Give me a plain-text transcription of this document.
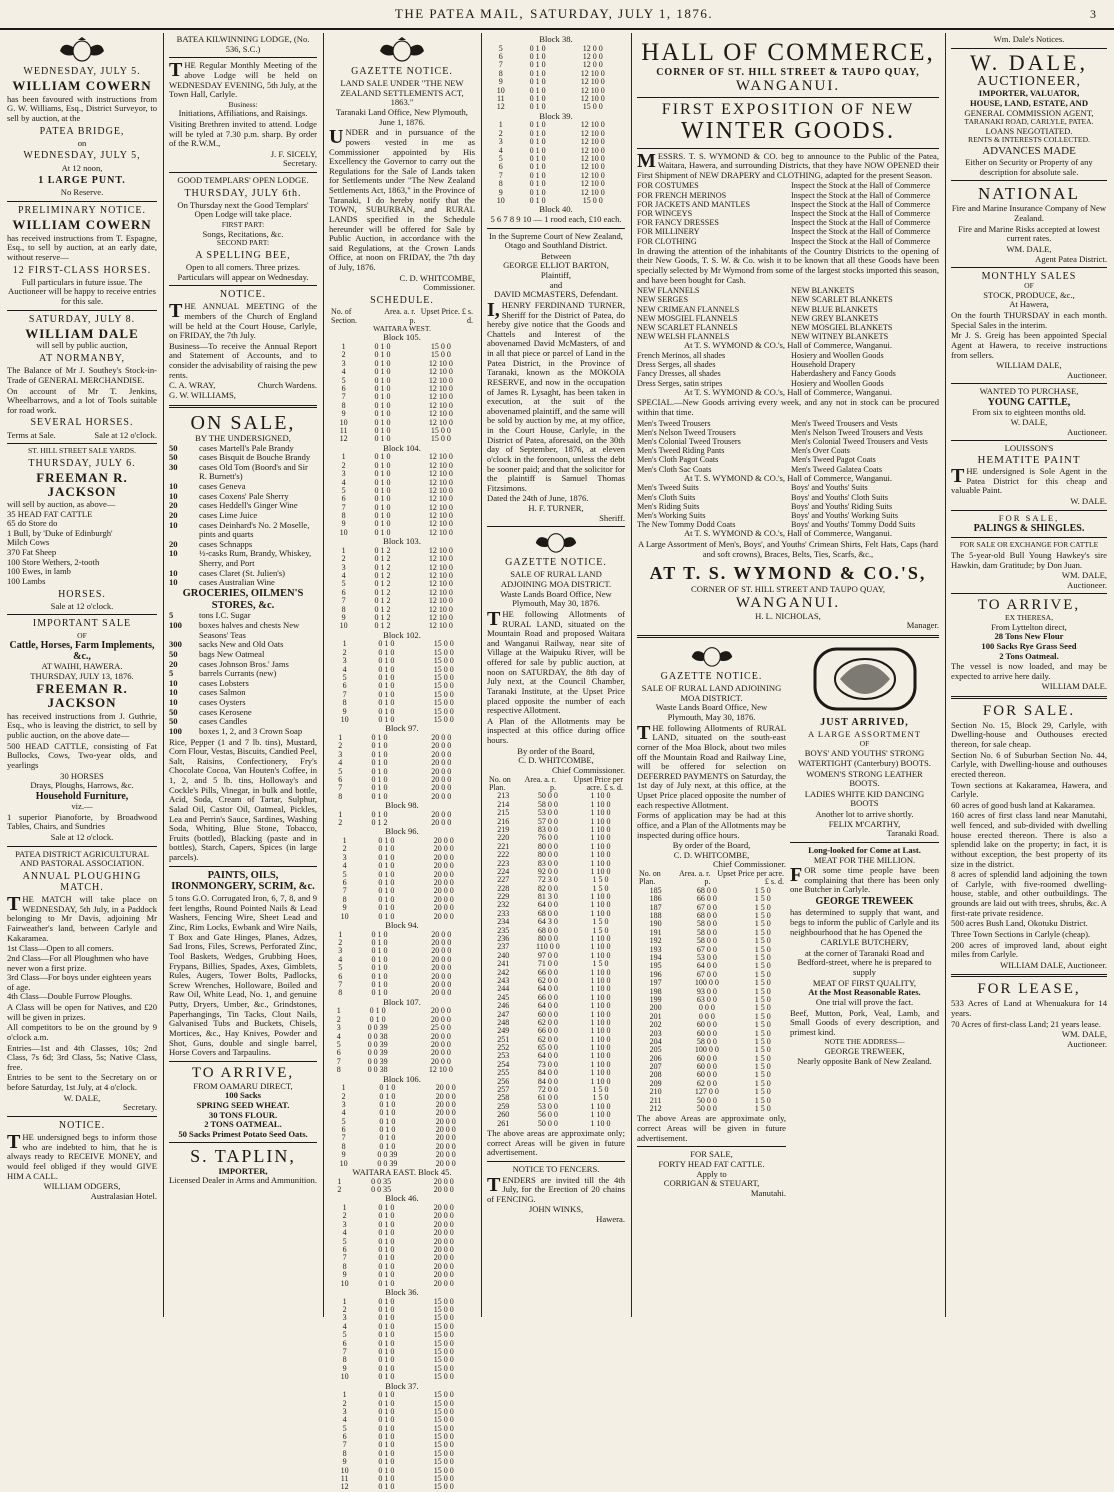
THE PATEA MAIL, SATURDAY, JULY 1, 1876.	3
WEDNESDAY, JULY 5.
WILLIAM COWERN

has been favoured with instructions from G. W. Williams, Esq., District Surveyor, to sell by auction, at the

PATEA BRIDGE,
on
WEDNESDAY, JULY 5,
At 12 noon,
1 LARGE PUNT.
No Reserve.
PRELIMINARY NOTICE.
WILLIAM COWERN

has received instructions from T. Espagne, Esq., to sell by auction, at an early date, without reserve—

12 FIRST-CLASS HORSES.

Full particulars in future issue. The Auctioneer will be happy to receive entries for this sale.

SATURDAY, JULY 8.
WILLIAM DALE
will sell by public auction,
AT NORMANBY,

The Balance of Mr J. Southey's Stock-in-Trade of GENERAL MERCHANDISE.

On account of Mr T. Jenkins, Wheelbarrows, and a lot of Tools suitable for road work.

SEVERAL HORSES.
Terms at Sale.	Sale at 12 o'clock.
ST. HILL STREET SALE YARDS.
THURSDAY, JULY 6.
FREEMAN R. JACKSON
will sell by auction, as above—
35 HEAD FAT CATTLE
65 do Store do
1 Bull, by 'Duke of Edinburgh'
Milch Cows
370 Fat Sheep
100 Store Wethers, 2-tooth
100 Ewes, in lamb
100 Lambs
HORSES.
Sale at 12 o'clock.
IMPORTANT SALE
OF
Cattle, Horses, Farm Implements, &c.,
AT WAIHI, HAWERA.
THURSDAY, JULY 13, 1876.
FREEMAN R. JACKSON

has received instructions from J. Guthrie, Esq., who is leaving the district, to sell by public auction, on the above date—

500 HEAD CATTLE, consisting of Fat Bullocks, Cows, Two-year olds, and yearlings

30 HORSES
Drays, Ploughs, Harrows, &c.
Household Furniture,
viz.—

1 superior Pianoforte, by Broadwood Tables, Chairs, and Sundries

Sale at 12 o'clock.
PATEA DISTRICT AGRICULTURAL AND PASTORAL ASSOCIATION.
ANNUAL PLOUGHING MATCH.

THE MATCH will take place on WEDNESDAY, 5th July, in a Paddock belonging to Mr Davis, adjoining Mr Fairweather's land, between Carlyle and Kakaramea.

1st Class—Open to all comers.
2nd Class—For all Ploughmen who have never won a first prize.
3rd Class—For boys under eighteen years of age.
4th Class—Double Furrow Ploughs.

A Class will be open for Natives, and £20 will be given in prizes.

All competitors to be on the ground by 9 o'clock a.m.

Entries—1st and 4th Classes, 10s; 2nd Class, 7s 6d; 3rd Class, 5s; Native Class, free.

Entries to be sent to the Secretary on or before Saturday, 1st July, at 4 o'clock.

W. DALE,
Secretary.
NOTICE.

THE undersigned begs to inform those who are indebted to him, that he is always ready to RECEIVE MONEY, and would feel obliged if they would GIVE HIM A CALL.

WILLIAM ODGERS,
Australasian Hotel.
BATEA KILWINNING LODGE, (No. 536, S.C.)

THE Regular Monthly Meeting of the above Lodge will be held on WEDNESDAY EVENING, 5th July, at the Town Hall, Carlyle.

Business:
Initiations, Affiliations, and Raisings.

Visiting Brethren invited to attend. Lodge will be tyled at 7.30 p.m. sharp. By order of the R.W.M.,

J. F. SICELY,
Secretary.
GOOD TEMPLARS' OPEN LODGE.
THURSDAY, JULY 6th.

On Thursday next the Good Templars' Open Lodge will take place.

FIRST PART:
Songs, Recitations, &c.
SECOND PART:
A SPELLING BEE,
Open to all comers. Three prizes.
Particulars will appear on Wednesday.
NOTICE.

THE ANNUAL MEETING of the members of the Church of England will be held at the Court House, Carlyle, on FRIDAY, the 7th July.

Business—To receive the Annual Report and Statement of Accounts, and to consider the advisability of raising the pew rents.

C. A. WRAY,	Church Wardens.
G. W. WILLIAMS,
ON SALE,
BY THE UNDERSIGNED,
50	cases Martell's Pale Brandy
50	cases Bisquit de Bouche Brandy
30	cases Old Tom (Boord's and Sir R. Burnett's)
10	cases Geneva
10	cases Coxens' Pale Sherry
20	cases Heddell's Ginger Wine
20	cases Lime Juice
10	cases Deinhard's No. 2 Moselle, pints and quarts
20	cases Schnapps
10	½-casks Rum, Brandy, Whiskey, Sherry, and Port
10	cases Claret (St. Julien's)
10	cases Australian Wine
GROCERIES, OILMEN'S STORES, &c.
5	tons I.C. Sugar
100	boxes halves and chests New Seasons' Teas
300	sacks New and Old Oats
50	bags New Oatmeal
20	cases Johnson Bros.' Jams
5	barrels Currants (new)
10	cases Lobsters
10	cases Salmon
10	cases Oysters
50	cases Kerosene
50	cases Candles
100	boxes 1, 2, and 3 Crown Soap

Rice, Pepper (1 and 7 lb. tins), Mustard, Corn Flour, Vestas, Biscuits, Candied Peel, Salt, Raisins, Confectionery, Fry's Chocolate Cocoa, Van Houten's Coffee, in 1, 2, and 5 lb. tins, Holloway's and Cockle's Pills, Vinegar, in bulk and bottle, Acid, Soda, Cream of Tartar, Sulphur, Salad Oil, Castor Oil, Oatmeal, Pickles, Lea and Perrin's Sauce, Sardines, Washing Soda, Whiting, Blue Stone, Tobacco, Fruits (bottled), Blacking (paste and in bottles), Starch, Capers, Spices (in large parcels).

PAINTS, OILS, IRONMONGERY, SCRIM, &c.

5 tons G.O. Corrugated Iron, 6, 7, 8, and 9 feet lengths, Round Pointed Nails & Lead Washers, Fencing Wire, Sheet Lead and Zinc, Rim Locks, Ewbank and Wire Nails, T Box and Gate Hinges, Planes, Adzes, Sad Irons, Files, Screws, Perforated Zinc, Tool Baskets, Wedges, Grubbing Hoes, Frypans, Billies, Spades, Axes, Gimblets, Rules, Augers, Tower Bolts, Padlocks, Screw Wrenches, Holloware, Boiled and Raw Oil, White Lead, No. 1, and genuine Putty, Dryers, Umber, &c., Grindstones, Paperhangings, Tin Tacks, Clout Nails, Galvanised Tubs and Buckets, Chisels, Mortices, &c., Hay Knives, Powder and Shot, Guns, double and single barrel, Horse Covers and Tarpaulins.

TO ARRIVE,
FROM OAMARU DIRECT,
100 Sacks
SPRING SEED WHEAT.
30 TONS FLOUR.
2 TONS OATMEAL.
50 Sacks Primest Potato Seed Oats.
S. TAPLIN,
IMPORTER,
Licensed Dealer in Arms and Ammunition.
GAZETTE NOTICE.
LAND SALE UNDER "THE NEW ZEALAND SETTLEMENTS ACT, 1863."
Taranaki Land Office, New Plymouth, June 1, 1876.

UNDER and in pursuance of the powers vested in me as Commissioner appointed by His Excellency the Governor to carry out the Regulations for the Sale of Lands taken for Settlements under "The New Zealand Settlements Act, 1863," in the Province of Taranaki, I do hereby notify that the TOWN, SUBURBAN, and RURAL LANDS specified in the Schedule hereunder will be offered for Sale by Public Auction, in accordance with the said Regulations, at the Crown Lands Office, at noon on FRIDAY, the 7th day of July, 1876.

C. D. WHITCOMBE,
Commissioner.
SCHEDULE.
No. of Section.	Area. a. r. p.	Upset Price. £ s. d.
WAITARA WEST.
Block 105.
1	0 1 0	15 0 0
2	0 1 0	15 0 0
3	0 1 0	12 10 0
4	0 1 0	12 10 0
5	0 1 0	12 10 0
6	0 1 0	12 10 0
7	0 1 0	12 10 0
8	0 1 0	12 10 0
9	0 1 0	12 10 0
10	0 1 0	12 10 0
11	0 1 0	15 0 0
12	0 1 0	15 0 0
Block 104.
1	0 1 0	12 10 0
2	0 1 0	12 10 0
3	0 1 0	12 10 0
4	0 1 0	12 10 0
5	0 1 0	12 10 0
6	0 1 0	12 10 0
7	0 1 0	12 10 0
8	0 1 0	12 10 0
9	0 1 0	12 10 0
10	0 1 0	12 10 0
Block 103.
1	0 1 2	12 10 0
2	0 1 2	12 10 0
3	0 1 2	12 10 0
4	0 1 2	12 10 0
5	0 1 2	12 10 0
6	0 1 2	12 10 0
7	0 1 2	12 10 0
8	0 1 2	12 10 0
9	0 1 2	12 10 0
10	0 1 2	12 10 0
Block 102.
1	0 1 0	15 0 0
2	0 1 0	15 0 0
3	0 1 0	15 0 0
4	0 1 0	15 0 0
5	0 1 0	15 0 0
6	0 1 0	15 0 0
7	0 1 0	15 0 0
8	0 1 0	15 0 0
9	0 1 0	15 0 0
10	0 1 0	15 0 0
Block 97.
1	0 1 0	20 0 0
2	0 1 0	20 0 0
3	0 1 0	20 0 0
4	0 1 0	20 0 0
5	0 1 0	20 0 0
6	0 1 0	20 0 0
7	0 1 0	20 0 0
8	0 1 0	20 0 0
Block 98.
1	0 1 0	20 0 0
2	0 1 2	20 0 0
Block 96.
1	0 1 0	20 0 0
2	0 1 0	20 0 0
3	0 1 0	20 0 0
4	0 1 0	20 0 0
5	0 1 0	20 0 0
6	0 1 0	20 0 0
7	0 1 0	20 0 0
8	0 1 0	20 0 0
9	0 1 0	20 0 0
10	0 1 0	20 0 0
Block 94.
1	0 1 0	20 0 0
2	0 1 0	20 0 0
3	0 1 0	20 0 0
4	0 1 0	20 0 0
5	0 1 0	20 0 0
6	0 1 0	20 0 0
7	0 1 0	20 0 0
8	0 1 0	20 0 0
Block 107.
1	0 1 0	20 0 0
2	0 1 0	20 0 0
3	0 0 39	25 0 0
4	0 0 38	20 0 0
5	0 0 39	20 0 0
6	0 0 39	20 0 0
7	0 0 39	20 0 0
8	0 0 38	12 10 0
Block 106.
1	0 1 0	20 0 0
2	0 1 0	20 0 0
3	0 1 0	20 0 0
4	0 1 0	20 0 0
5	0 1 0	20 0 0
6	0 1 0	20 0 0
7	0 1 0	20 0 0
8	0 1 0	20 0 0
9	0 0 39	20 0 0
10	0 0 39	20 0 0
WAITARA EAST. Block 45.
1	0 0 35	20 0 0
2	0 0 35	20 0 0
Block 46.
1	0 1 0	20 0 0
2	0 1 0	20 0 0
3	0 1 0	20 0 0
4	0 1 0	20 0 0
5	0 1 0	20 0 0
6	0 1 0	20 0 0
7	0 1 0	20 0 0
8	0 1 0	20 0 0
9	0 1 0	20 0 0
10	0 1 0	20 0 0
Block 36.
1	0 1 0	15 0 0
2	0 1 0	15 0 0
3	0 1 0	15 0 0
4	0 1 0	15 0 0
5	0 1 0	15 0 0
6	0 1 0	15 0 0
7	0 1 0	15 0 0
8	0 1 0	15 0 0
9	0 1 0	15 0 0
10	0 1 0	15 0 0
Block 37.
1	0 1 0	15 0 0
2	0 1 0	15 0 0
3	0 1 0	15 0 0
4	0 1 0	15 0 0
5	0 1 0	15 0 0
6	0 1 0	15 0 0
7	0 1 0	15 0 0
8	0 1 0	15 0 0
9	0 1 0	15 0 0
10	0 1 0	15 0 0
11	0 1 0	15 0 0
12	0 1 0	15 0 0
Block 38.
5	0 1 0	12 0 0
6	0 1 0	12 0 0
7	0 1 0	12 0 0
8	0 1 0	12 10 0
9	0 1 0	12 10 0
10	0 1 0	12 10 0
11	0 1 0	12 10 0
12	0 1 0	15 0 0
Block 39.
1	0 1 0	12 10 0
2	0 1 0	12 10 0
3	0 1 0	12 10 0
4	0 1 0	12 10 0
5	0 1 0	12 10 0
6	0 1 0	12 10 0
7	0 1 0	12 10 0
8	0 1 0	12 10 0
9	0 1 0	12 10 0
10	0 1 0	15 0 0
Block 40.
5 6 7 8 9 10 — 1 rood each, £10 each.

In the Supreme Court of New Zealand, Otago and Southland District.

Between
GEORGE ELLIOT BARTON, Plaintiff,
and
DAVID MCMASTERS, Defendant.

I,HENRY FERDINAND TURNER, Sheriff for the District of Patea, do hereby give notice that the Goods and Chattels and Interest of the abovenamed David McMasters, of and in all that piece or parcel of Land in the Patea District, in the Province of Taranaki, known as the MOKOIA RESERVE, and now in the occupation of James R. Lysaght, has been taken in execution, at the suit of the abovenamed plaintiff, and the same will be sold by auction by me, at my office, in the Court House, Carlyle, in the District of Patea, aforesaid, on the 30th day of September, 1876, at eleven o'clock in the forenoon, unless the debt be sooner paid; and that the solicitor for the plaintiff is Samuel Thomas Fitzsimons.

Dated the 24th of June, 1876.
H. F. TURNER,
Sheriff.
GAZETTE NOTICE.
SALE OF RURAL LAND ADJOINING MOA DISTRICT.
Waste Lands Board Office, New Plymouth, May 30, 1876.

THE following Allotments of RURAL LAND, situated on the Mountain Road and proposed Waitara and Wanganui Railway, near site of Village at the Waipuku River, will be offered for sale by public auction, at noon on SATURDAY, the 8th day of July next, at the Council Chamber, Taranaki Institute, at the Upset Price placed opposite the number of each respective Allotment.

A Plan of the Allotments may be inspected at this office during office hours.

By order of the Board,
C. D. WHITCOMBE,
Chief Commissioner.
No. on Plan.	Area. a. r. p.	Upset Price per acre. £ s. d.
213	50 0 0	1 10 0
214	58 0 0	1 10 0
215	53 0 0	1 10 0
216	57 0 0	1 10 0
219	83 0 0	1 10 0
220	76 0 0	1 10 0
221	80 0 0	1 10 0
222	80 0 0	1 10 0
223	83 0 0	1 10 0
224	92 0 0	1 10 0
227	72 3 0	1 5 0
228	82 0 0	1 5 0
229	81 3 0	1 10 0
232	64 0 0	1 10 0
233	68 0 0	1 10 0
234	64 3 0	1 5 0
235	68 0 0	1 5 0
236	80 0 0	1 10 0
237	110 0 0	1 10 0
240	97 0 0	1 10 0
241	71 0 0	1 5 0
242	66 0 0	1 10 0
243	62 0 0	1 10 0
244	64 0 0	1 10 0
245	66 0 0	1 10 0
246	64 0 0	1 10 0
247	60 0 0	1 10 0
248	62 0 0	1 10 0
249	66 0 0	1 10 0
251	62 0 0	1 10 0
252	65 0 0	1 10 0
253	64 0 0	1 10 0
254	73 0 0	1 10 0
255	84 0 0	1 10 0
256	84 0 0	1 10 0
257	72 0 0	1 5 0
258	61 0 0	1 5 0
259	53 0 0	1 10 0
260	56 0 0	1 10 0
261	50 0 0	1 10 0

The above areas are approximate only; correct Areas will be given in future advertisement.

NOTICE TO FENCERS.

TENDERS are invited till the 4th July, for the Erection of 20 chains of FENCING.

JOHN WINKS,
Hawera.
HALL OF COMMERCE,
CORNER OF ST. HILL STREET & TAUPO QUAY,
WANGANUI.
FIRST EXPOSITION OF NEW
WINTER GOODS.

MESSRS. T. S. WYMOND & CO. beg to announce to the Public of the Patea, Waitara, Hawera, and surrounding Districts, that they have NOW OPENED their First Shipment of NEW DRAPERY and CLOTHING, adapted for the present Season.

FOR COSTUMES	Inspect the Stock at the Hall of Commerce
FOR FRENCH MERINOS	Inspect the Stock at the Hall of Commerce
FOR JACKETS AND MANTLES	Inspect the Stock at the Hall of Commerce
FOR WINCEYS	Inspect the Stock at the Hall of Commerce
FOR FANCY DRESSES	Inspect the Stock at the Hall of Commerce
FOR MILLINERY	Inspect the Stock at the Hall of Commerce
FOR CLOTHING	Inspect the Stock at the Hall of Commerce

In drawing the attention of the inhabitants of the Country Districts to the opening of their New Goods, T. S. W. & Co. wish it to be known that all these Goods have been specially selected by Mr Wymond from some of the largest stocks imported this season, and have been bought for Cash.

NEW FLANNELS	NEW BLANKETS
NEW SERGES	NEW SCARLET BLANKETS
NEW CRIMEAN FLANNELS	NEW BLUE BLANKETS
NEW MOSGIEL FLANNELS	NEW GREY BLANKETS
NEW SCARLET FLANNELS	NEW MOSGIEL BLANKETS
NEW WELSH FLANNELS	NEW WITNEY BLANKETS
At T. S. WYMOND & CO.'s, Hall of Commerce, Wanganui.
French Merinos, all shades	Hosiery and Woollen Goods
Dress Serges, all shades	Household Drapery
Fancy Dresses, all shades	Haberdashery and Fancy Goods
Dress Serges, satin stripes	Hosiery and Woollen Goods
At T. S. WYMOND & CO.'s, Hall of Commerce, Wanganui.

SPECIAL.—New Goods arriving every week, and any not in stock can be procured within that time.

Men's Tweed Trousers	Men's Tweed Trousers and Vests
Men's Nelson Tweed Trousers	Men's Nelson Tweed Trousers and Vests
Men's Colonial Tweed Trousers	Men's Colonial Tweed Trousers and Vests
Men's Tweed Riding Pants	Men's Over Coats
Men's Cloth Pagot Coats	Men's Tweed Pagot Coats
Men's Cloth Sac Coats	Men's Tweed Galatea Coats
At T. S. WYMOND & CO.'s, Hall of Commerce, Wanganui.
Men's Tweed Suits	Boys' and Youths' Suits
Men's Cloth Suits	Boys' and Youths' Cloth Suits
Men's Riding Suits	Boys' and Youths' Riding Suits
Men's Working Suits	Boys' and Youths' Working Suits
The New Tommy Dodd Coats	Boys' and Youths' Tommy Dodd Suits
At T. S. WYMOND & CO.'s, Hall of Commerce, Wanganui.

A Large Assortment of Men's, Boys', and Youths' Crimean Shirts, Felt Hats, Caps (hard and soft crowns), Braces, Belts, Ties, Scarfs, &c.,

AT T. S. WYMOND & CO.'S,
CORNER OF ST. HILL STREET AND TAUPO QUAY,
WANGANUI.
H. L. NICHOLAS,
Manager.
GAZETTE NOTICE.
SALE OF RURAL LAND ADJOINING MOA DISTRICT.
Waste Lands Board Office, New Plymouth, May 30, 1876.

THE following Allotments of RURAL LAND, situated on the south-east corner of the Moa Block, about two miles off the Mountain Road and Railway Line, will be offered for selection on DEFERRED PAYMENTS on Saturday, the 1st day of July next, at this office, at the Upset Price placed opposite the number of each respective Allotment.

Forms of application may be had at this office, and a Plan of the Allotments may be inspected during office hours.

By order of the Board,
C. D. WHITCOMBE,
Chief Commissioner.
No. on Plan.	Area. a. r. p.	Upset Price per acre. £ s. d.
185	68 0 0	1 5 0
186	66 0 0	1 5 0
187	67 0 0	1 5 0
188	68 0 0	1 5 0
190	58 0 0	1 5 0
191	58 0 0	1 5 0
192	58 0 0	1 5 0
193	67 0 0	1 5 0
194	53 0 0	1 5 0
195	64 0 0	1 5 0
196	67 0 0	1 5 0
197	100 0 0	1 5 0
198	93 0 0	1 5 0
199	63 0 0	1 5 0
200	0 0 0	1 5 0
201	0 0 0	1 5 0
202	60 0 0	1 5 0
203	60 0 0	1 5 0
204	58 0 0	1 5 0
205	100 0 0	1 5 0
206	60 0 0	1 5 0
207	60 0 0	1 5 0
208	60 0 0	1 5 0
209	62 0 0	1 5 0
210	127 0 0	1 5 0
211	50 0 0	1 5 0
212	50 0 0	1 5 0

The above Areas are approximate only, correct Areas will be given in future advertisement.

FOR SALE,
FORTY HEAD FAT CATTLE.
Apply to
CORRIGAN & STEUART,
Manutahi.
JUST ARRIVED,
A LARGE ASSORTMENT
OF

BOYS' AND YOUTHS' STRONG WATERTIGHT (Canterbury) BOOTS.

WOMEN'S STRONG LEATHER BOOTS.

LADIES WHITE KID DANCING BOOTS

Another lot to arrive shortly.
FELIX M'CARTHY,
Taranaki Road.
Long-looked for Come at Last.
MEAT FOR THE MILLION.

FOR some time people have been complaining that there has been only one Butcher in Carlyle.

GEORGE TREWEEK

has determined to supply that want, and begs to inform the public of Carlyle and its neighbourhood that he has Opened the

CARLYLE BUTCHERY,

at the corner of Taranaki Road and Bedford-street, where he is prepared to supply

MEAT OF FIRST QUALITY,
At the Most Reasonable Rates.
One trial will prove the fact.

Beef, Mutton, Pork, Veal, Lamb, and Small Goods of every description, and primest kind.

NOTE THE ADDRESS—
GEORGE TREWEEK,
Nearly opposite Bank of New Zealand.
Wm. Dale's Notices.
W. DALE,
AUCTIONEER,
IMPORTER, VALUATOR,
HOUSE, LAND, ESTATE, AND
GENERAL COMMISSION AGENT,
TARANAKI ROAD, CARLYLE, PATEA.
LOANS NEGOTIATED.
RENTS & INTERESTS COLLECTED.
ADVANCES MADE

Either on Security or Property of any description for absolute sale.

NATIONAL

Fire and Marine Insurance Company of New Zealand.

Fire and Marine Risks accepted at lowest current rates.

WM. DALE,
Agent Patea District.
MONTHLY SALES
OF
STOCK, PRODUCE, &c.,
At Hawera,

On the fourth THURSDAY in each month. Special Sales in the interim.

Mr J. S. Greig has been appointed Special Agent at Hawera, to receive instructions from sellers.

WILLIAM DALE,
Auctioneer.
WANTED TO PURCHASE,
YOUNG CATTLE,
From six to eighteen months old.
W. DALE,
Auctioneer.
LOUISSON'S
HEMATITE PAINT

THE undersigned is Sole Agent in the Patea District for this cheap and valuable Paint.

W. DALE.
FOR SALE,
PALINGS & SHINGLES.
FOR SALE OR EXCHANGE FOR CATTLE

The 5-year-old Bull Young Hawkey's sire Hawkin, dam Gratitude; by Don Juan.

WM. DALE,
Auctioneer.
TO ARRIVE,
EX THERESA,
From Lyttelton direct,
28 Tons New Flour
100 Sacks Rye Grass Seed
2 Tons Oatmeal.

The vessel is now loaded, and may be expected to arrive here daily.

WILLIAM DALE.
FOR SALE.

Section No. 15, Block 29, Carlyle, with Dwelling-house and Outhouses erected thereon, for sale cheap.

Section No. 6 of Suburban Section No. 44, Carlyle, with Dwelling-house and outhouses erected thereon.

Town sections at Kakaramea, Hawera, and Carlyle.

60 acres of good bush land at Kakaramea.

160 acres of first class land near Manutahi, well fenced, and sub-divided with dwelling house erected thereon. There is also a splendid lake on the property; in fact, it is without exception, the best property of its size in the district.

8 acres of splendid land adjoining the town of Carlyle, with five-roomed dwelling-house, stable, and other outbuildings. The grounds are laid out with trees, shrubs, &c. A first-rate private residence.

500 acres Bush Land, Okotuku District.

Three Town Sections in Carlyle (cheap).

200 acres of improved land, about eight miles from Carlyle.

WILLIAM DALE, Auctioneer.
FOR LEASE,

533 Acres of Land at Whenuakura for 14 years.

70 Acres of first-class Land; 21 years lease.

WM. DALE,
Auctioneer.
